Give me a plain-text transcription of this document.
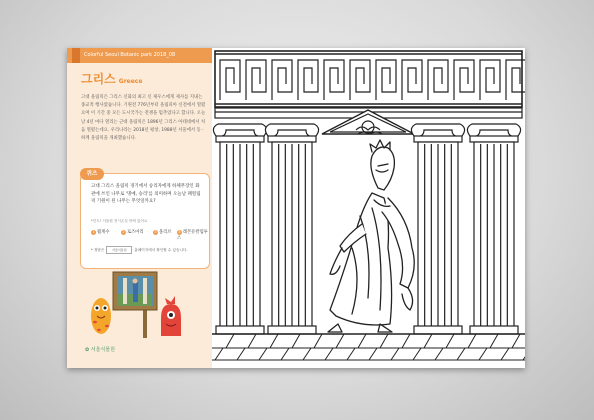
Colorful Seoul Botanic park 2018_08
그리스 Greece
고대 올림픽은 그리스 신화의 최고 신 제우스에게 제사를 지내는 종교적 행사였습니다. 기원전 776년부터 올림피아 신전에서 열렸으며 이 기간 중 모든 도시국가는 전쟁을 멈추었다고 합니다. 오늘날 4년 마다 열리는 근대 올림픽은 1896년 그리스 아테네에서 처음 열렸는데요. 우리나라는 2018년 평창, 1988년 서울에서 동 · 하계 올림픽을 개최했습니다.
고대 그리스 올림픽 경기에서 승리자에게 하체무장인 화관에 쓰인 나무로 '명예, 승리'를 의미하며 오늘날 패럴림픽 기원이 된 나무는 무엇일까요?
*힌트! 식물원 전시온실 안에 있어요
1 월계수	2 로즈마리	3 올리브	4 레몬유칼립투스
* 정답은	서울식물원 홈페이지에서 확인할 수 있습니다.
퀴즈
✿ 서울식물원
